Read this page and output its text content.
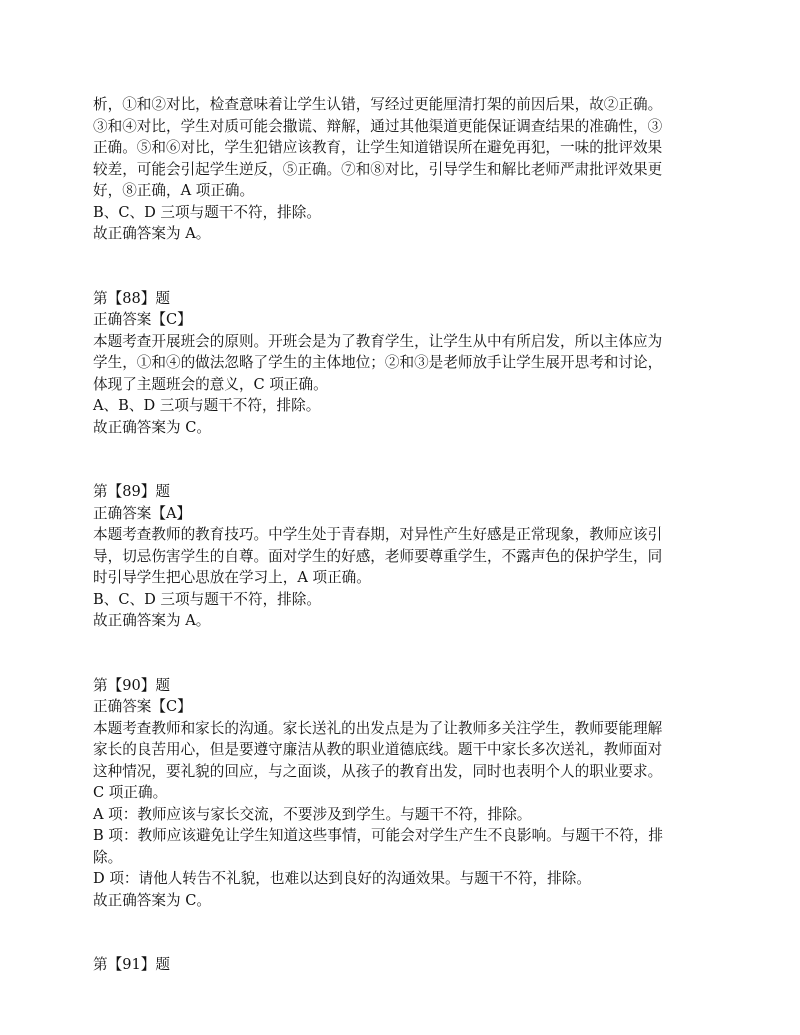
析，①和②对比，检查意味着让学生认错，写经过更能厘清打架的前因后果，故②正确。
③和④对比，学生对质可能会撒谎、辩解，通过其他渠道更能保证调查结果的准确性，③
正确。⑤和⑥对比，学生犯错应该教育，让学生知道错误所在避免再犯，一味的批评效果
较差，可能会引起学生逆反，⑤正确。⑦和⑧对比，引导学生和解比老师严肃批评效果更
好，⑧正确，A 项正确。
B、C、D 三项与题干不符，排除。
故正确答案为 A。
第【88】题
正确答案【C】
本题考查开展班会的原则。开班会是为了教育学生，让学生从中有所启发，所以主体应为
学生，①和④的做法忽略了学生的主体地位；②和③是老师放手让学生展开思考和讨论，
体现了主题班会的意义，C 项正确。
A、B、D 三项与题干不符，排除。
故正确答案为 C。
第【89】题
正确答案【A】
本题考查教师的教育技巧。中学生处于青春期，对异性产生好感是正常现象，教师应该引
导，切忌伤害学生的自尊。面对学生的好感，老师要尊重学生，不露声色的保护学生，同
时引导学生把心思放在学习上，A 项正确。
B、C、D 三项与题干不符，排除。
故正确答案为 A。
第【90】题
正确答案【C】
本题考查教师和家长的沟通。家长送礼的出发点是为了让教师多关注学生，教师要能理解
家长的良苦用心，但是要遵守廉洁从教的职业道德底线。题干中家长多次送礼，教师面对
这种情况，要礼貌的回应，与之面谈，从孩子的教育出发，同时也表明个人的职业要求。
C 项正确。
A 项：教师应该与家长交流，不要涉及到学生。与题干不符，排除。
B 项：教师应该避免让学生知道这些事情，可能会对学生产生不良影响。与题干不符，排
除。
D 项：请他人转告不礼貌，也难以达到良好的沟通效果。与题干不符，排除。
故正确答案为 C。
第【91】题
